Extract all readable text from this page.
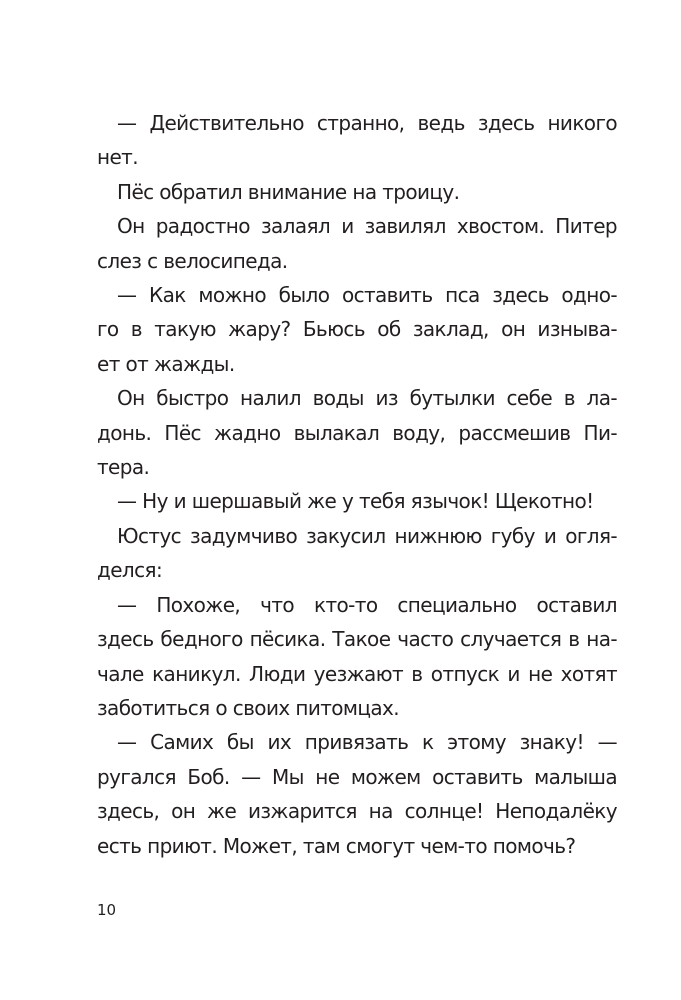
— Действительно странно, ведь здесь никого
нет.

Пёс обратил внимание на троицу.

Он радостно залаял и завилял хвостом. Питер
слез с велосипеда.

— Как можно было оставить пса здесь одно-
го в такую жару? Бьюсь об заклад, он изныва-
ет от жажды.

Он быстро налил воды из бутылки себе в ла-
донь. Пёс жадно вылакал воду, рассмешив Пи-
тера.

— Ну и шершавый же у тебя язычок! Щекотно!

Юстус задумчиво закусил нижнюю губу и огля-
делся:

— Похоже, что кто-то специально оставил
здесь бедного пёсика. Такое часто случается в на-
чале каникул. Люди уезжают в отпуск и не хотят
заботиться о своих питомцах.

— Самих бы их привязать к этому знаку! —
ругался Боб. — Мы не можем оставить малыша
здесь, он же изжарится на солнце! Неподалёку
есть приют. Может, там смогут чем-то помочь?

10
